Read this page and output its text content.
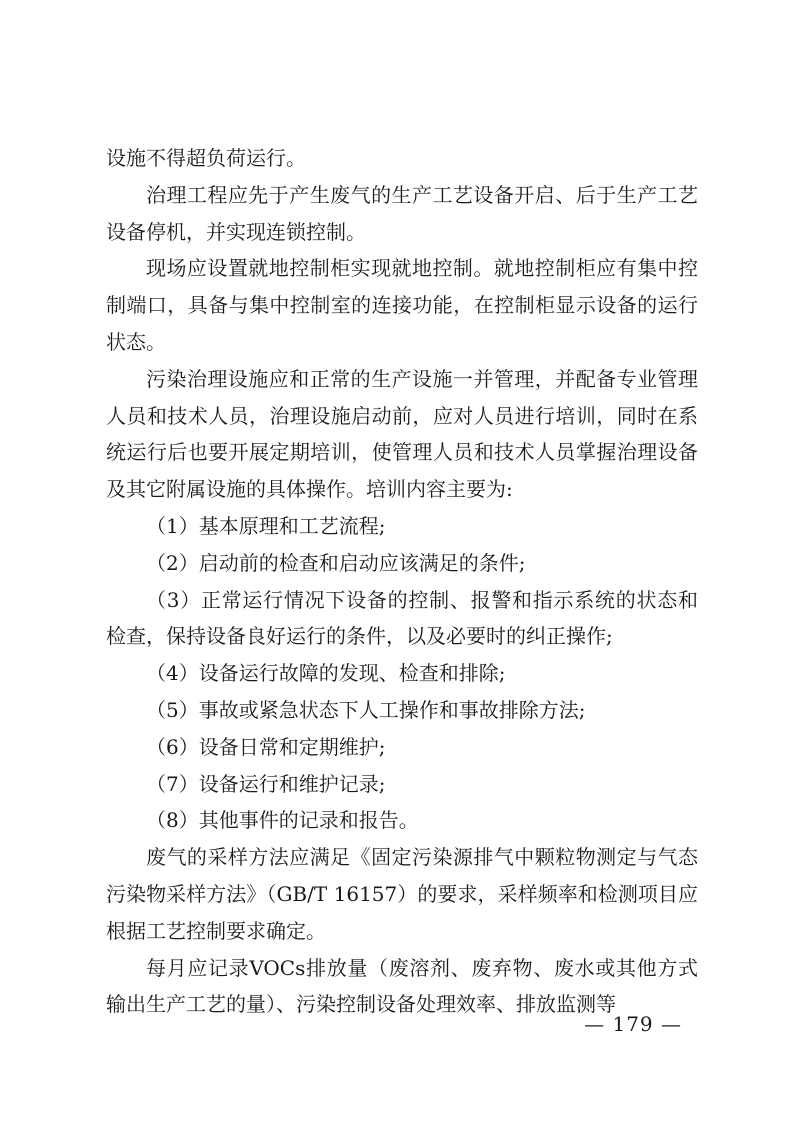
设施不得超负荷运行。

治理工程应先于产生废气的生产工艺设备开启、后于生产工艺设备停机，并实现连锁控制。

现场应设置就地控制柜实现就地控制。就地控制柜应有集中控制端口，具备与集中控制室的连接功能，在控制柜显示设备的运行状态。

污染治理设施应和正常的生产设施一并管理，并配备专业管理人员和技术人员，治理设施启动前，应对人员进行培训，同时在系统运行后也要开展定期培训，使管理人员和技术人员掌握治理设备及其它附属设施的具体操作。培训内容主要为:

（1）基本原理和工艺流程;

（2）启动前的检查和启动应该满足的条件;

（3）正常运行情况下设备的控制、报警和指示系统的状态和检查，保持设备良好运行的条件，以及必要时的纠正操作;

（4）设备运行故障的发现、检查和排除;

（5）事故或紧急状态下人工操作和事故排除方法;

（6）设备日常和定期维护;

（7）设备运行和维护记录;

（8）其他事件的记录和报告。

废气的采样方法应满足《固定污染源排气中颗粒物测定与气态污染物采样方法》（GB/T 16157）的要求，采样频率和检测项目应根据工艺控制要求确定。

每月应记录VOCs排放量（废溶剂、废弃物、废水或其他方式输出生产工艺的量）、污染控制设备处理效率、排放监测等

— 179 —
